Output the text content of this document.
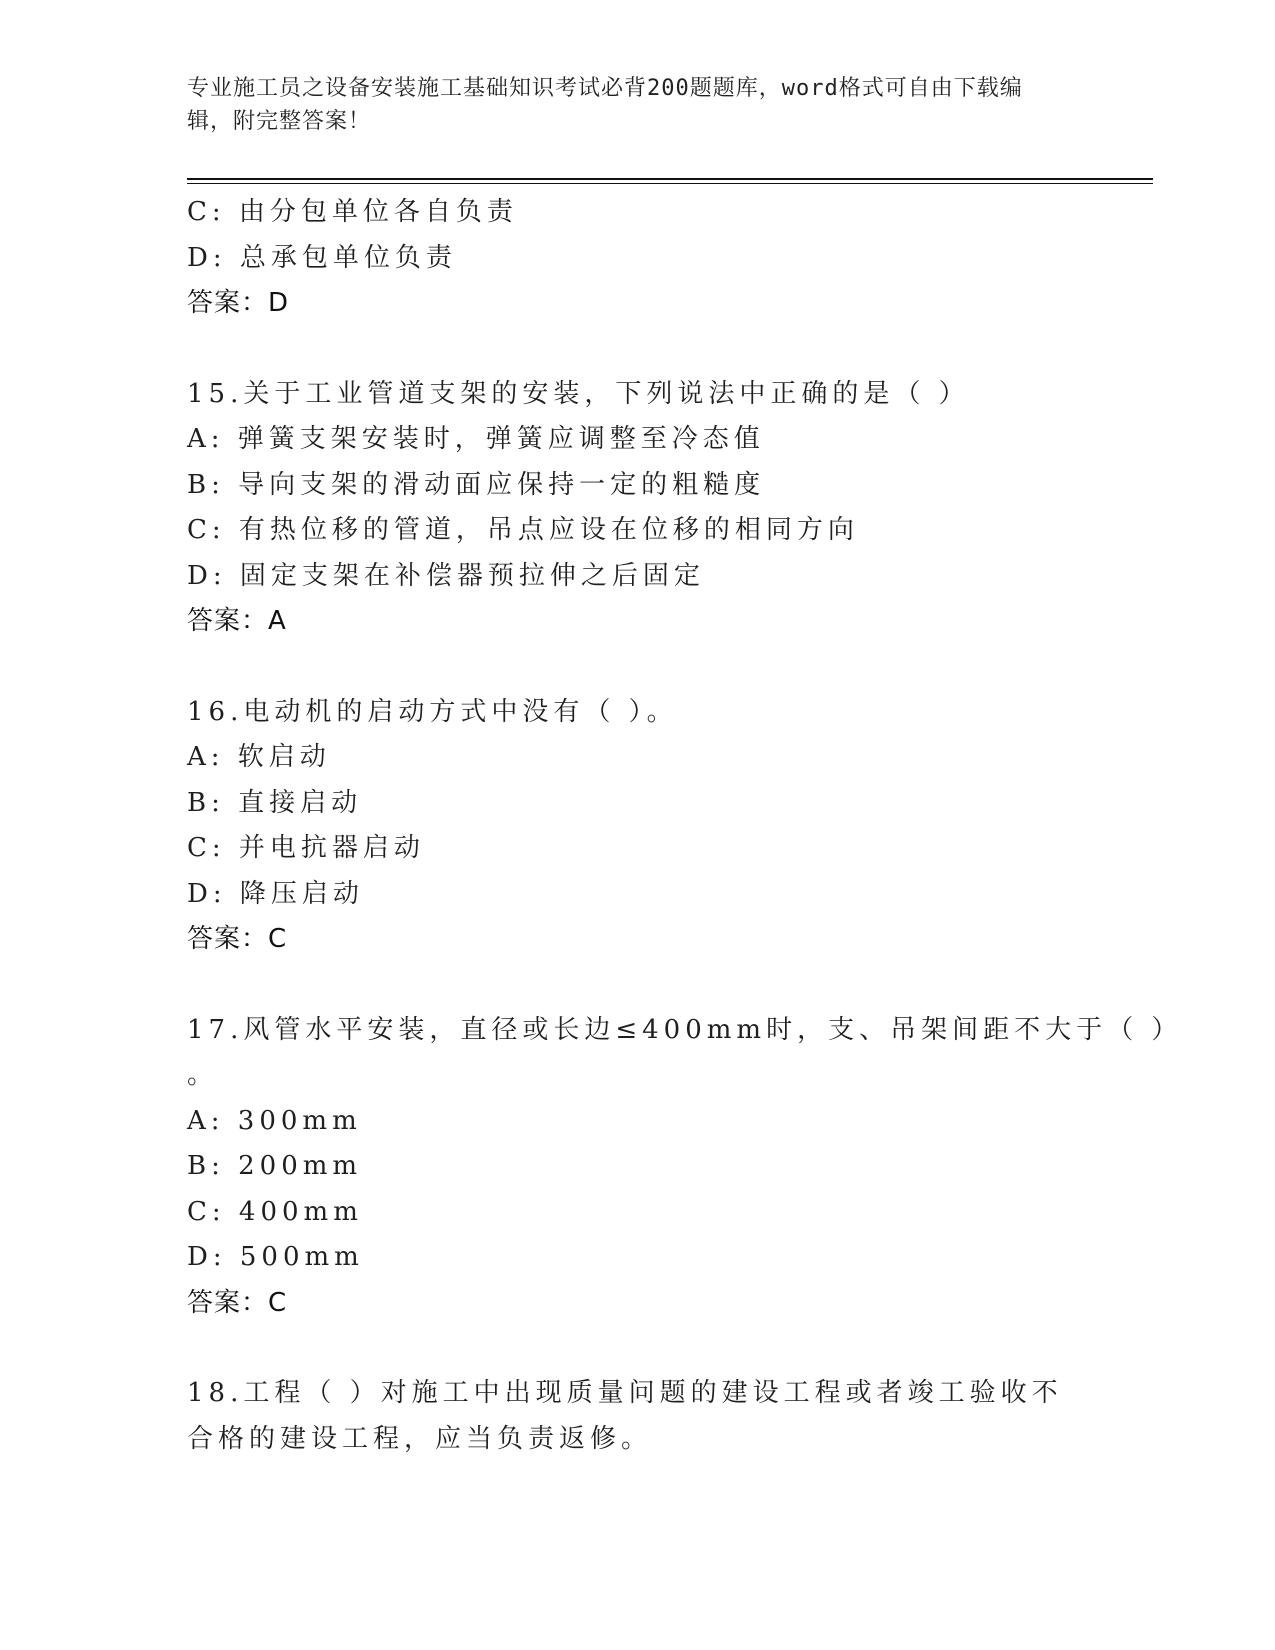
专业施工员之设备安装施工基础知识考试必背200题题库，word格式可自由下载编辑，附完整答案！
C: 由分包单位各自负责
D: 总承包单位负责
答案：D
15.关于工业管道支架的安装，下列说法中正确的是（ ）
A: 弹簧支架安装时，弹簧应调整至冷态值
B: 导向支架的滑动面应保持一定的粗糙度
C: 有热位移的管道，吊点应设在位移的相同方向
D: 固定支架在补偿器预拉伸之后固定
答案：A
16.电动机的启动方式中没有（ ）。
A: 软启动
B: 直接启动
C: 并电抗器启动
D: 降压启动
答案：C
17.风管水平安装，直径或长边≤400mm时，支、吊架间距不大于（ ）
。
A: 300mm
B: 200mm
C: 400mm
D: 500mm
答案：C
18.工程（ ）对施工中出现质量问题的建设工程或者竣工验收不合格的建设工程，应当负责返修。
